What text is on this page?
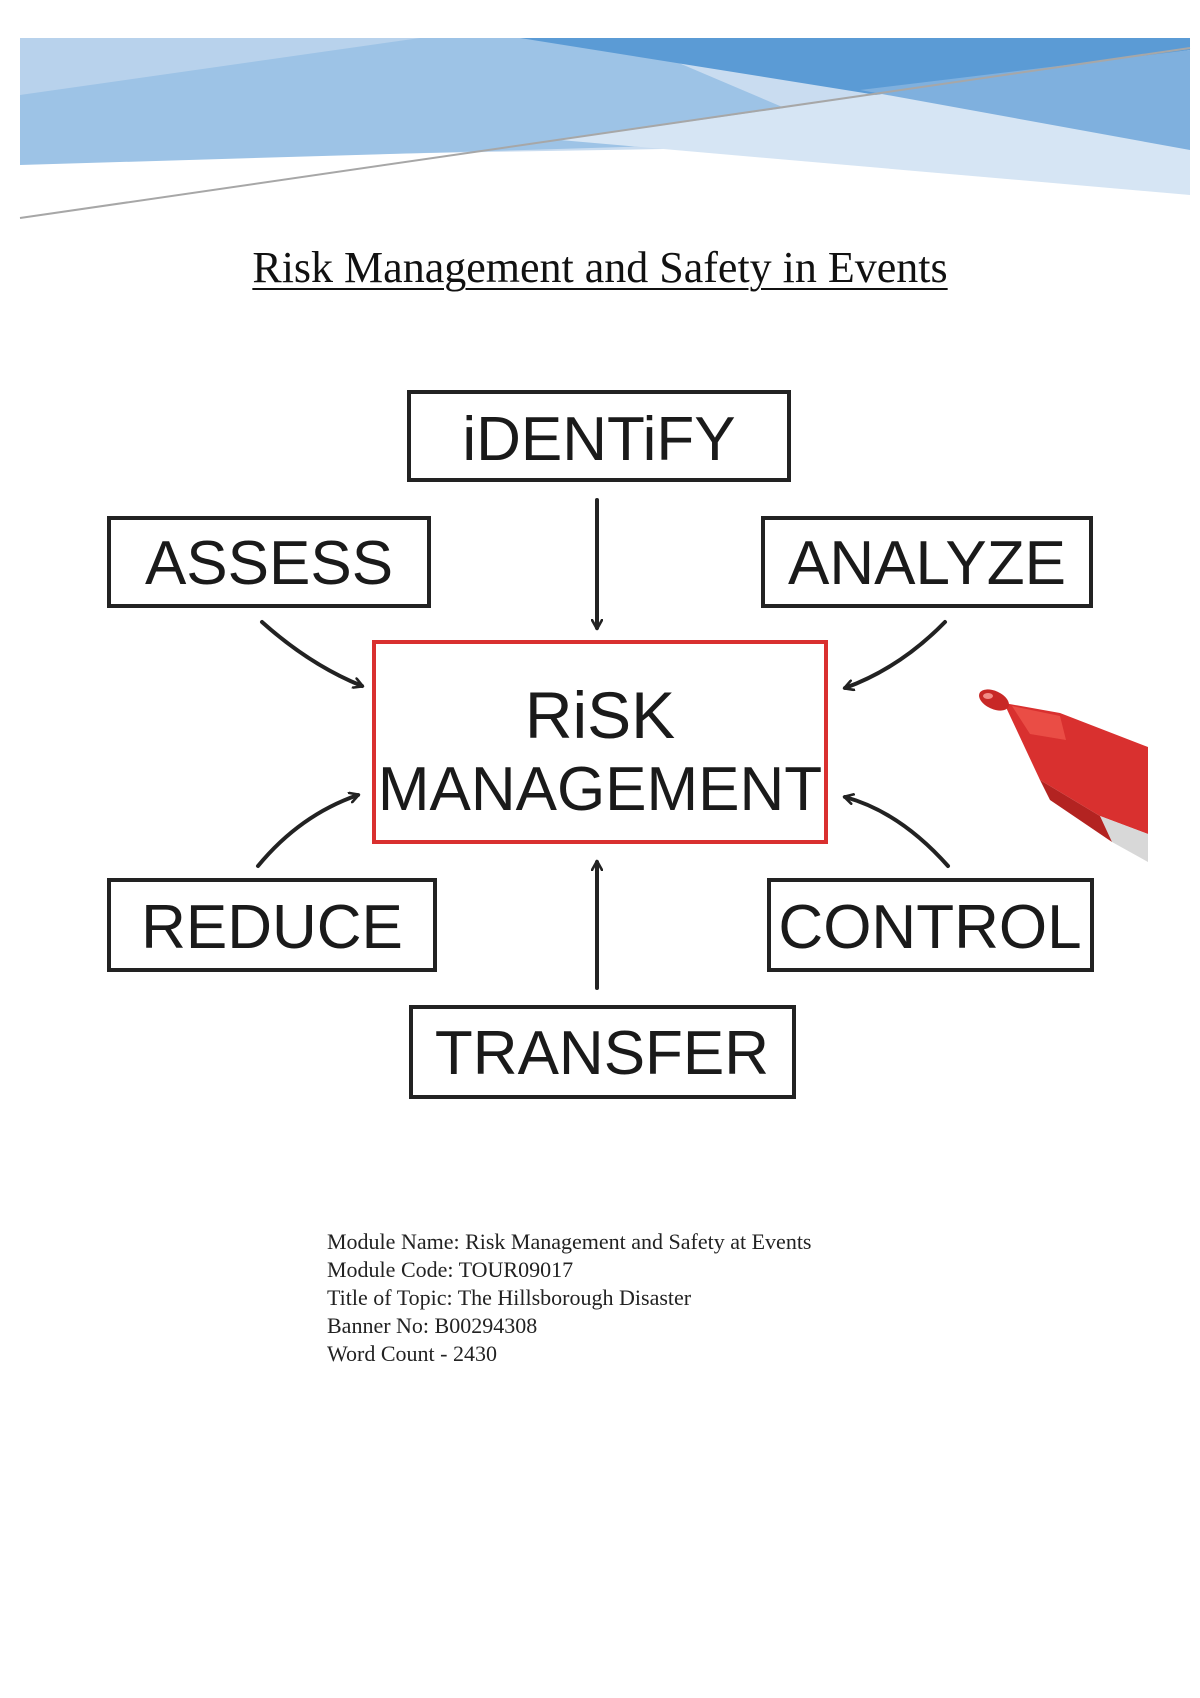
Risk Management and Safety in Events
iDENTiFY
ASSESS	ANALYZE
RiSK
MANAGEMENT
REDUCE	CONTROL
TRANSFER
Module Name: Risk Management and Safety at Events
Module Code: TOUR09017
Title of Topic: The Hillsborough Disaster
Banner No: B00294308
Word Count - 2430
